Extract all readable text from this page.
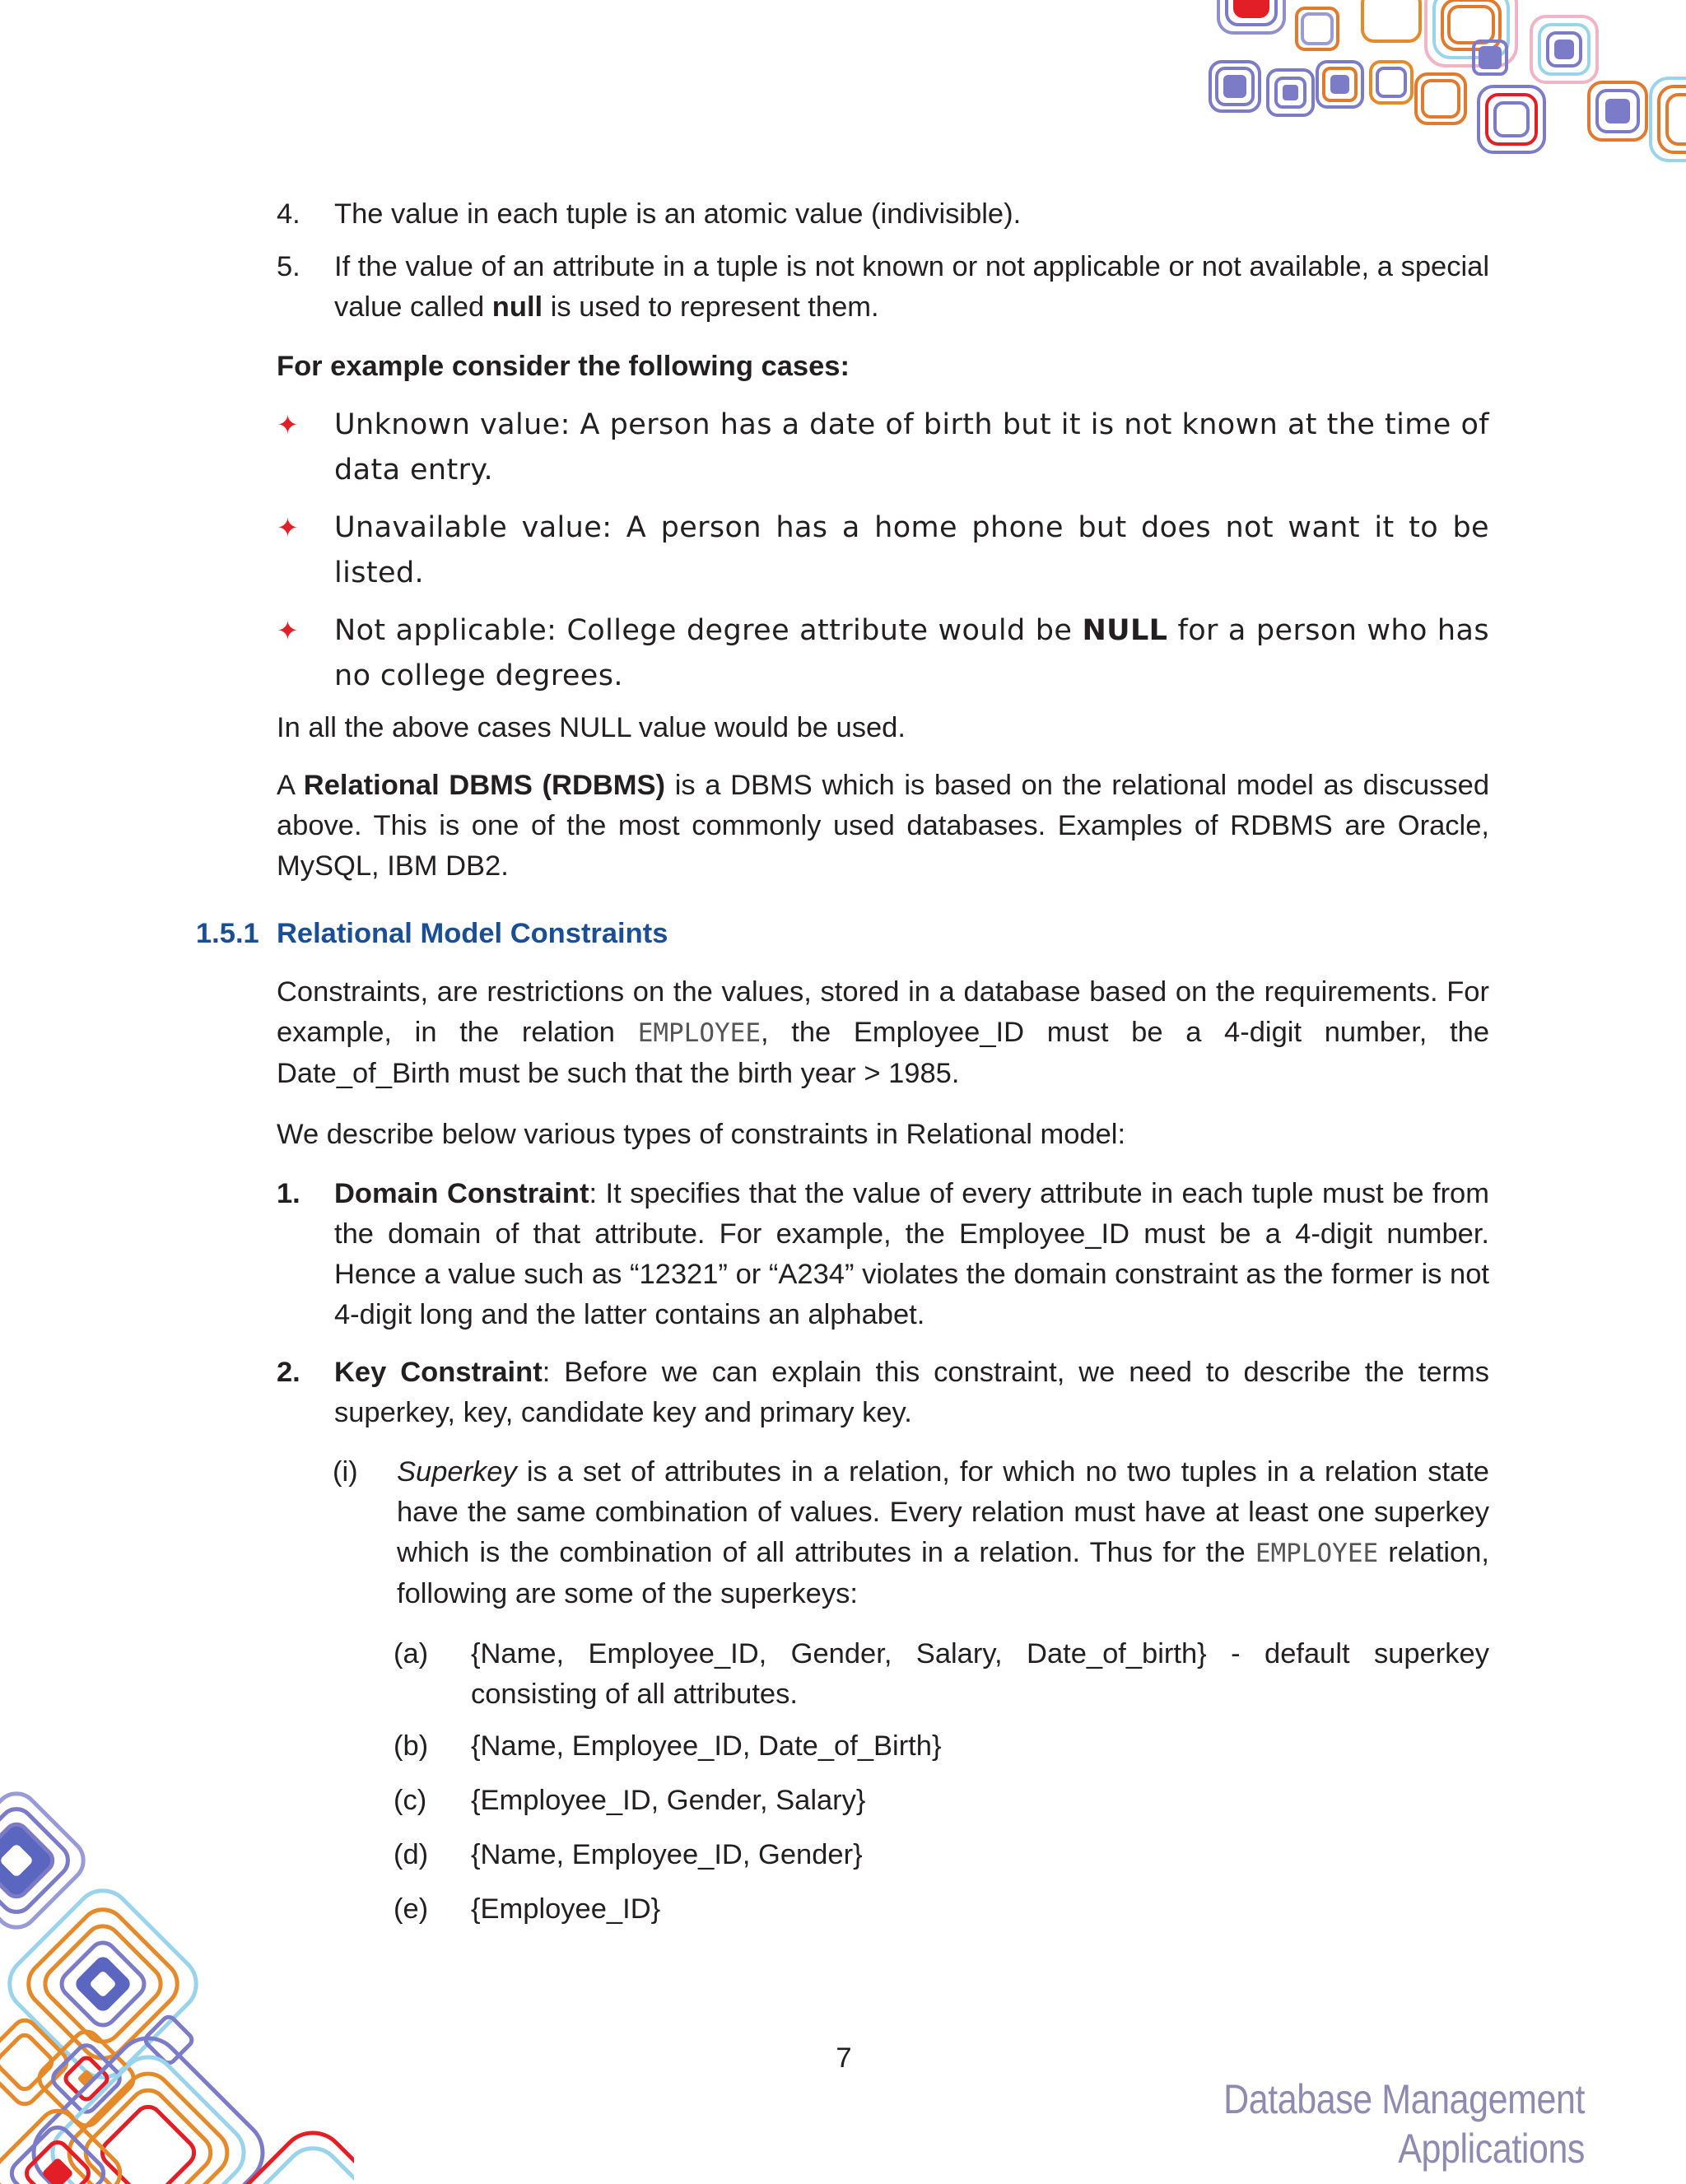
4. The value in each tuple is an atomic value (indivisible).
5. If the value of an attribute in a tuple is not known or not applicable or not available, a special value called null is used to represent them.
For example consider the following cases:
✦ Unknown value: A person has a date of birth but it is not known at the time of data entry.
✦ Unavailable value: A person has a home phone but does not want it to be listed.
✦ Not applicable: College degree attribute would be NULL for a person who has no college degrees.
In all the above cases NULL value would be used.
A Relational DBMS (RDBMS) is a DBMS which is based on the relational model as discussed above. This is one of the most commonly used databases. Examples of RDBMS are Oracle, MySQL, IBM DB2.
1.5.1 Relational Model Constraints
Constraints, are restrictions on the values, stored in a database based on the requirements. For example, in the relation EMPLOYEE, the Employee_ID must be a 4-digit number, the Date_of_Birth must be such that the birth year > 1985.
We describe below various types of constraints in Relational model:
1. Domain Constraint: It specifies that the value of every attribute in each tuple must be from the domain of that attribute. For example, the Employee_ID must be a 4-digit number. Hence a value such as “12321” or “A234” violates the domain constraint as the former is not 4-digit long and the latter contains an alphabet.
2. Key Constraint: Before we can explain this constraint, we need to describe the terms superkey, key, candidate key and primary key.
(i) Superkey is a set of attributes in a relation, for which no two tuples in a relation state have the same combination of values. Every relation must have at least one superkey which is the combination of all attributes in a relation. Thus for the EMPLOYEE relation, following are some of the superkeys:
(a) {Name, Employee_ID, Gender, Salary, Date_of_birth} - default superkey consisting of all attributes.
(b) {Name, Employee_ID, Date_of_Birth}
(c) {Employee_ID, Gender, Salary}
(d) {Name, Employee_ID, Gender}
(e) {Employee_ID}
7
Database Management Applications
